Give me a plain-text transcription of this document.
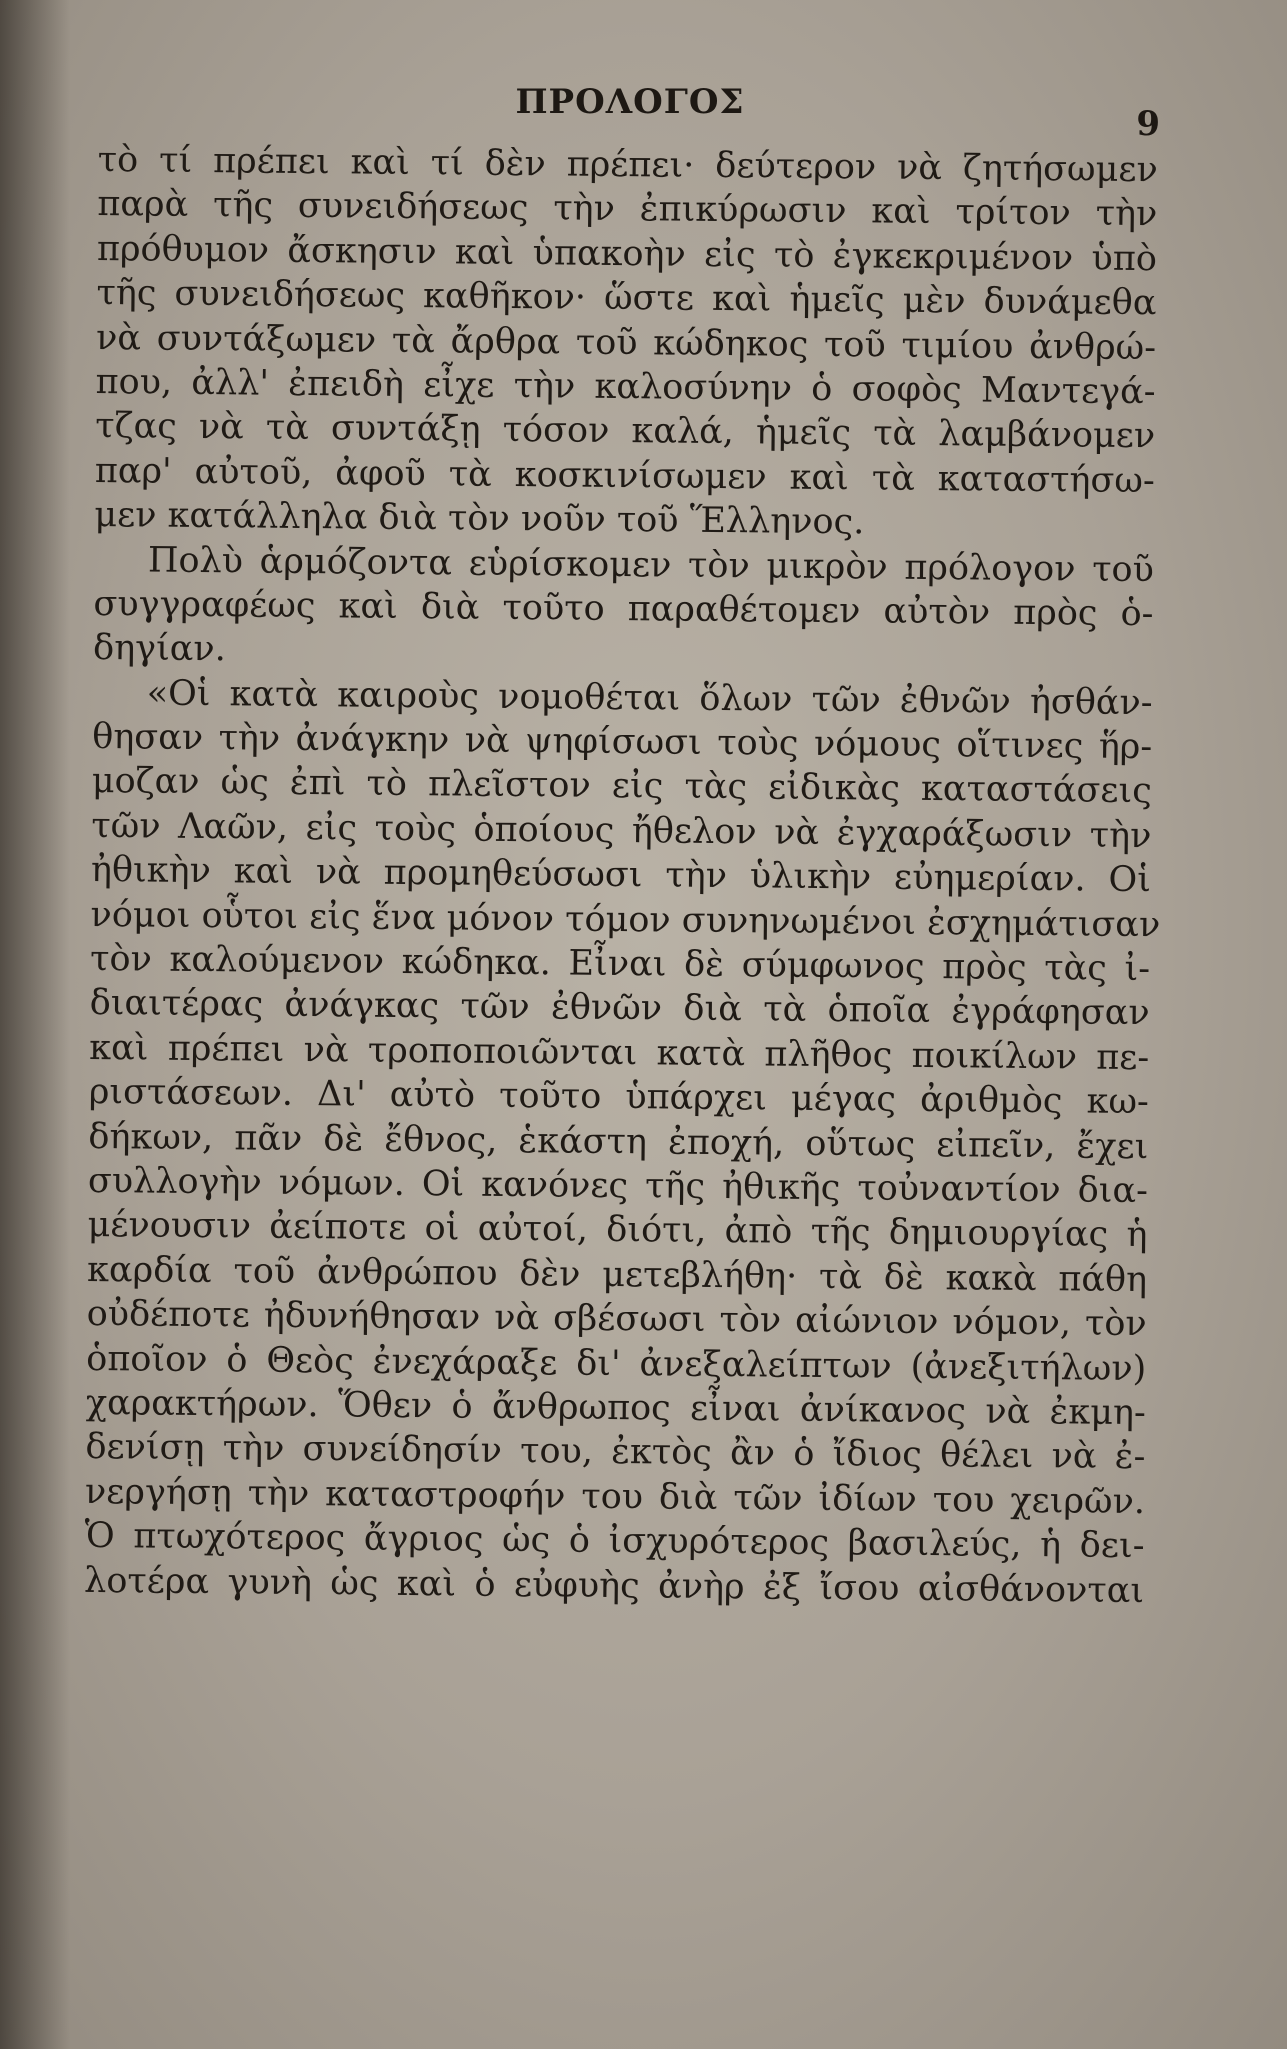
ΠΡΟΛΟΓΟΣ
9
τὸ τί πρέπει καὶ τί δὲν πρέπει· δεύτερον νὰ ζητήσωμεν
παρὰ τῆς συνειδήσεως τὴν ἐπικύρωσιν καὶ τρίτον τὴν
πρόθυμον ἄσκησιν καὶ ὑπακοὴν εἰς τὸ ἐγκεκριμένον ὑπὸ
τῆς συνειδήσεως καθῆκον· ὥστε καὶ ἡμεῖς μὲν δυνάμεθα
νὰ συντάξωμεν τὰ ἄρθρα τοῦ κώδηκος τοῦ τιμίου ἀνθρώ-
που, ἀλλ' ἐπειδὴ εἶχε τὴν καλοσύνην ὁ σοφὸς Μαντεγά-
τζας νὰ τὰ συντάξῃ τόσον καλά, ἡμεῖς τὰ λαμβάνομεν
παρ' αὐτοῦ, ἀφοῦ τὰ κοσκινίσωμεν καὶ τὰ καταστήσω-
μεν κατάλληλα διὰ τὸν νοῦν τοῦ Ἕλληνος.
Πολὺ ἁρμόζοντα εὑρίσκομεν τὸν μικρὸν πρόλογον τοῦ
συγγραφέως καὶ διὰ τοῦτο παραθέτομεν αὐτὸν πρὸς ὁ-
δηγίαν.
«Οἱ κατὰ καιροὺς νομοθέται ὅλων τῶν ἐθνῶν ἠσθάν-
θησαν τὴν ἀνάγκην νὰ ψηφίσωσι τοὺς νόμους οἵτινες ἥρ-
μοζαν ὡς ἐπὶ τὸ πλεῖστον εἰς τὰς εἰδικὰς καταστάσεις
τῶν Λαῶν, εἰς τοὺς ὁποίους ἤθελον νὰ ἐγχαράξωσιν τὴν
ἠθικὴν καὶ νὰ προμηθεύσωσι τὴν ὑλικὴν εὐημερίαν. Οἱ
νόμοι οὗτοι εἰς ἕνα μόνον τόμον συνηνωμένοι ἐσχημάτισαν
τὸν καλούμενον κώδηκα. Εἶναι δὲ σύμφωνος πρὸς τὰς ἰ-
διαιτέρας ἀνάγκας τῶν ἐθνῶν διὰ τὰ ὁποῖα ἐγράφησαν
καὶ πρέπει νὰ τροποποιῶνται κατὰ πλῆθος ποικίλων πε-
ριστάσεων. Δι' αὐτὸ τοῦτο ὑπάρχει μέγας ἀριθμὸς κω-
δήκων, πᾶν δὲ ἔθνος, ἑκάστη ἐποχή, οὕτως εἰπεῖν, ἔχει
συλλογὴν νόμων. Οἱ κανόνες τῆς ἠθικῆς τοὐναντίον δια-
μένουσιν ἀείποτε οἱ αὐτοί, διότι, ἀπὸ τῆς δημιουργίας ἡ
καρδία τοῦ ἀνθρώπου δὲν μετεβλήθη· τὰ δὲ κακὰ πάθη
οὐδέποτε ἠδυνήθησαν νὰ σβέσωσι τὸν αἰώνιον νόμον, τὸν
ὁποῖον ὁ Θεὸς ἐνεχάραξε δι' ἀνεξαλείπτων (ἀνεξιτήλων)
χαρακτήρων. Ὅθεν ὁ ἄνθρωπος εἶναι ἀνίκανος νὰ ἐκμη-
δενίσῃ τὴν συνείδησίν του, ἐκτὸς ἂν ὁ ἴδιος θέλει νὰ ἐ-
νεργήσῃ τὴν καταστροφήν του διὰ τῶν ἰδίων του χειρῶν.
Ὁ πτωχότερος ἄγριος ὡς ὁ ἰσχυρότερος βασιλεύς, ἡ δει-
λοτέρα γυνὴ ὡς καὶ ὁ εὐφυὴς ἀνὴρ ἐξ ἴσου αἰσθάνονται
